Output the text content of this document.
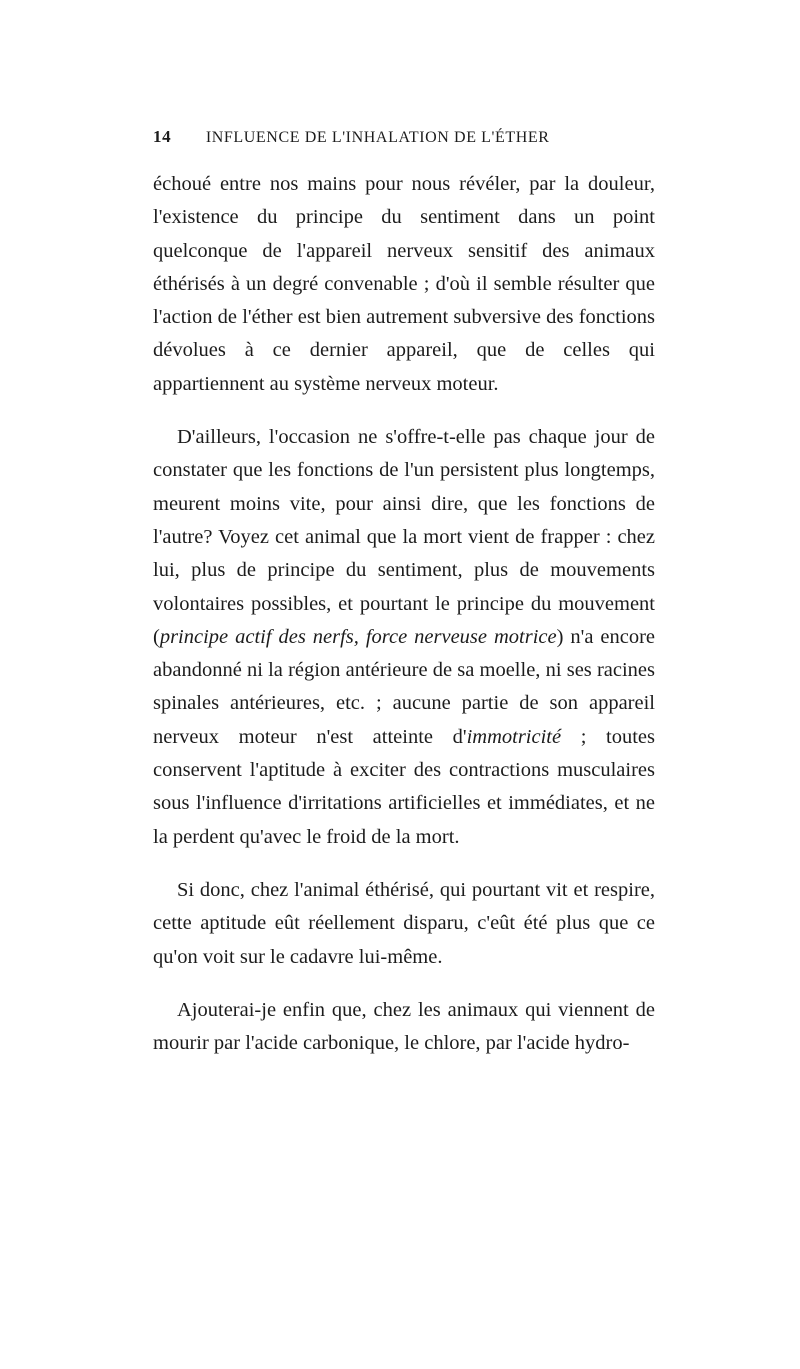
14 INFLUENCE DE L'INHALATION DE L'ÉTHER

échoué entre nos mains pour nous révéler, par la douleur, l'existence du principe du sentiment dans un point quelconque de l'appareil nerveux sensitif des animaux éthérisés à un degré convenable ; d'où il semble résulter que l'action de l'éther est bien autrement subversive des fonctions dévolues à ce dernier appareil, que de celles qui appartiennent au système nerveux moteur.

D'ailleurs, l'occasion ne s'offre-t-elle pas chaque jour de constater que les fonctions de l'un persistent plus longtemps, meurent moins vite, pour ainsi dire, que les fonctions de l'autre? Voyez cet animal que la mort vient de frapper : chez lui, plus de principe du sentiment, plus de mouvements volontaires possibles, et pourtant le principe du mouvement (principe actif des nerfs, force nerveuse motrice) n'a encore abandonné ni la région antérieure de sa moelle, ni ses racines spinales antérieures, etc. ; aucune partie de son appareil nerveux moteur n'est atteinte d'immotricité ; toutes conservent l'aptitude à exciter des contractions musculaires sous l'influence d'irritations artificielles et immédiates, et ne la perdent qu'avec le froid de la mort.

Si donc, chez l'animal éthérisé, qui pourtant vit et respire, cette aptitude eût réellement disparu, c'eût été plus que ce qu'on voit sur le cadavre lui-même.

Ajouterai-je enfin que, chez les animaux qui viennent de mourir par l'acide carbonique, le chlore, par l'acide hydro-
